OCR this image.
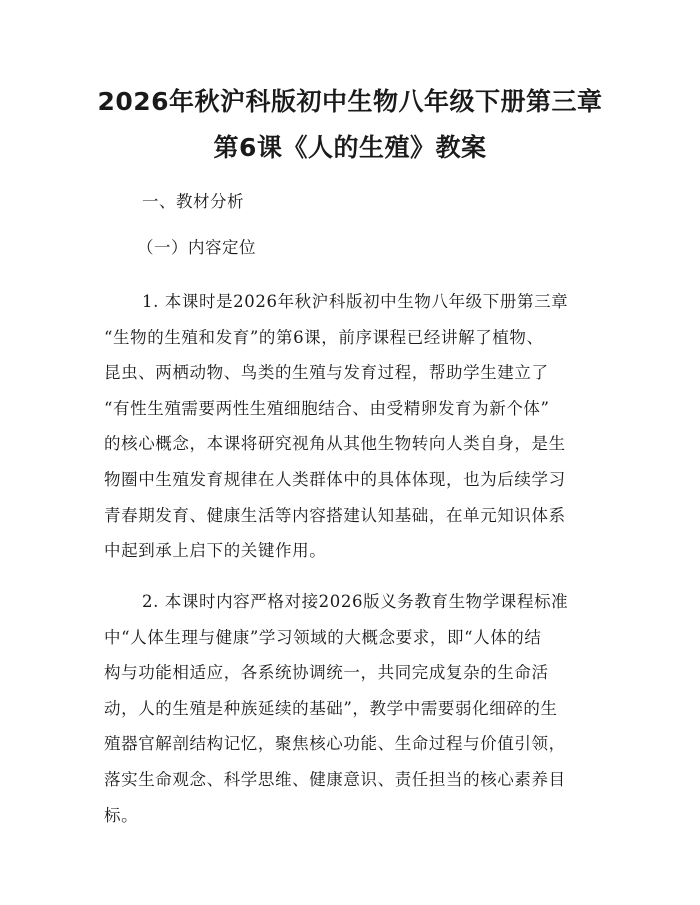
2026年秋沪科版初中生物八年级下册第三章
第6课《人的生殖》教案

一、教材分析

（一）内容定位

1. 本课时是2026年秋沪科版初中生物八年级下册第三章
“生物的生殖和发育”的第6课，前序课程已经讲解了植物、
昆虫、两栖动物、鸟类的生殖与发育过程，帮助学生建立了
“有性生殖需要两性生殖细胞结合、由受精卵发育为新个体”
的核心概念，本课将研究视角从其他生物转向人类自身，是生
物圈中生殖发育规律在人类群体中的具体体现，也为后续学习
青春期发育、健康生活等内容搭建认知基础，在单元知识体系
中起到承上启下的关键作用。
2. 本课时内容严格对接2026版义务教育生物学课程标准
中“人体生理与健康”学习领域的大概念要求，即“人体的结
构与功能相适应，各系统协调统一，共同完成复杂的生命活
动，人的生殖是种族延续的基础”，教学中需要弱化细碎的生
殖器官解剖结构记忆，聚焦核心功能、生命过程与价值引领，
落实生命观念、科学思维、健康意识、责任担当的核心素养目
标。
